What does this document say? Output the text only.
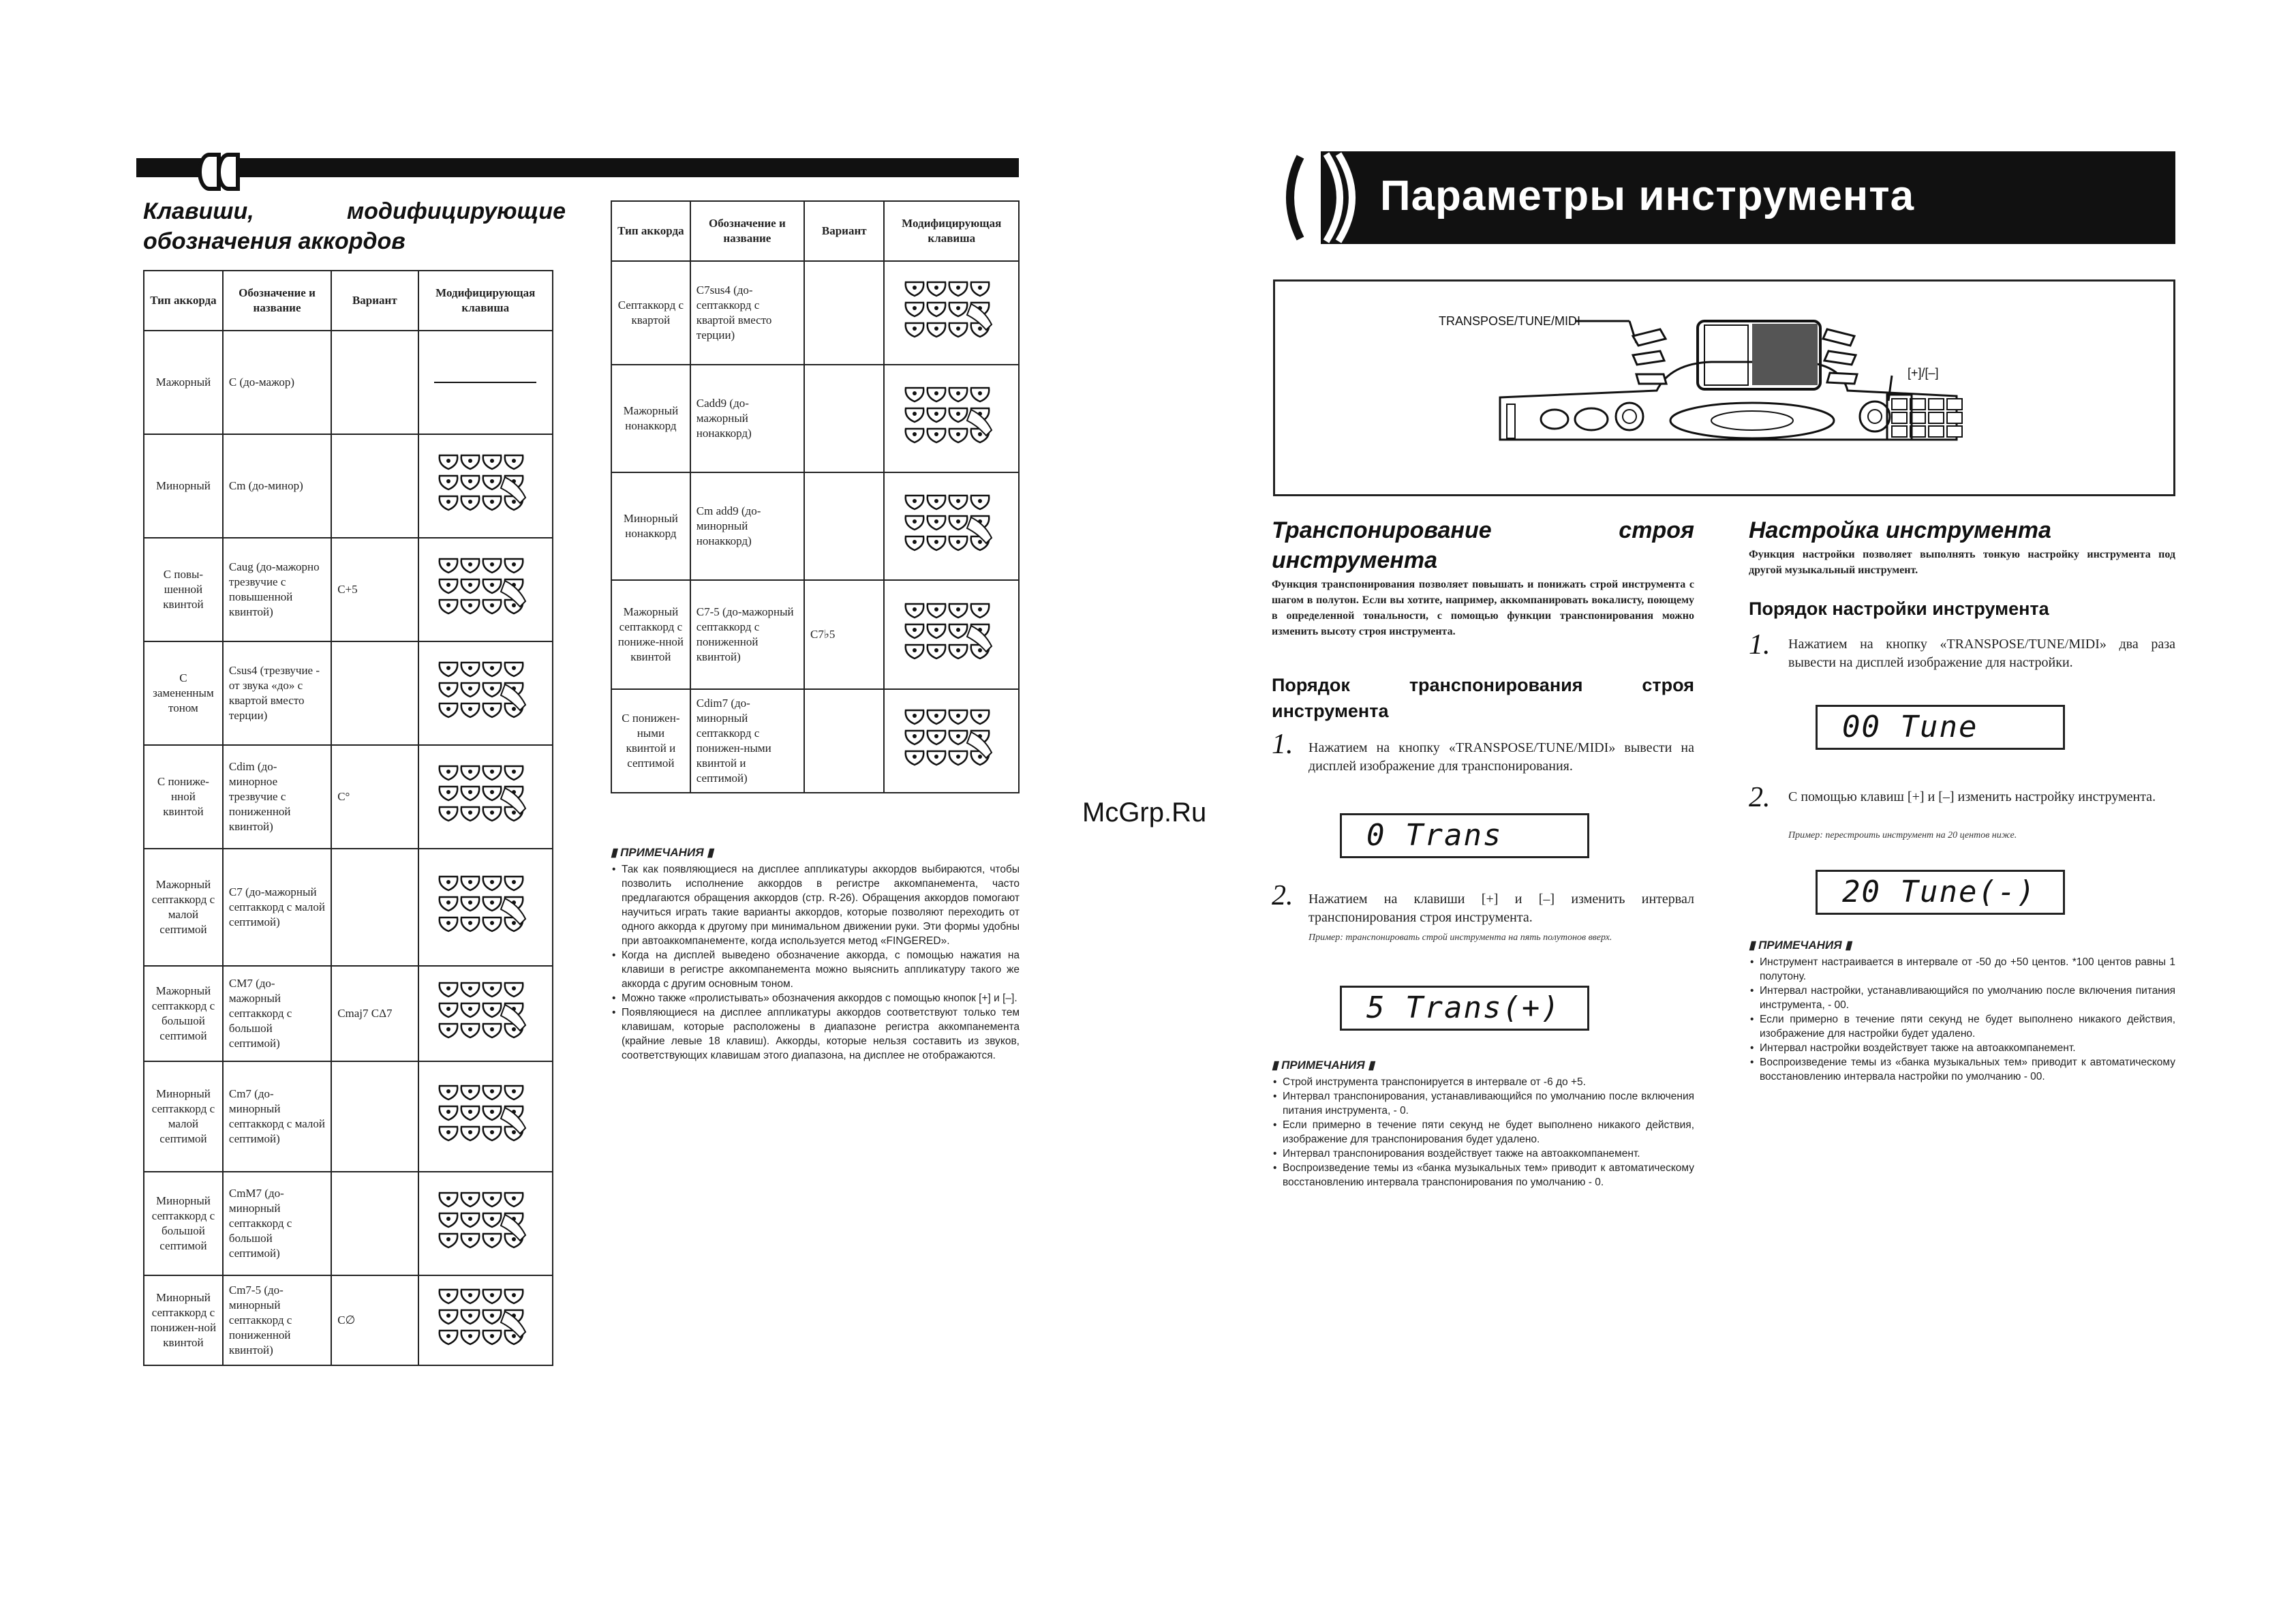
Клавиши,	модифицирующие
обозначения аккордов
Тип аккорда	Обозначение и название	Вариант	Модифицирующая клавиша
Мажорный	C (до-мажор)		

Минорный	Cm (до-минор)		
С повы-шенной квинтой	Caug (до-мажорно трезвучие с повышенной квинтой)	C+5	
С замененным тоном	Csus4 (трезвучие - от звука «до» с квартой вместо терции)		
С пониже-нной квинтой	Cdim (до-минорное трезвучие с пониженной квинтой)	C°	
Мажорный септаккорд с малой септимой	C7 (до-мажорный септаккорд с малой септимой)		
Мажорный септаккорд с большой септимой	CM7 (до-мажорный септаккорд с большой септимой)	Cmaj7 CΔ7	
Минорный септаккорд с малой септимой	Cm7 (до-минорный септаккорд с малой септимой)		
Минорный септаккорд с большой септимой	CmM7 (до-минорный септаккорд с большой септимой)		
Минорный септаккорд с понижен-ной квинтой	Cm7-5 (до-минорный септаккорд с пониженной квинтой)	C∅	
Тип аккорда	Обозначение и название	Вариант	Модифицирующая клавиша
Септаккорд с квартой	C7sus4 (до-септаккорд с квартой вместо терции)		
Мажорный нонаккорд	Cadd9 (до-мажорный нонаккорд)		
Минорный нонаккорд	Cm add9 (до-минорный нонаккорд)		
Мажорный септаккорд с пониже-нной квинтой	C7-5 (до-мажорный септаккорд с пониженной квинтой)	C7♭5	
С понижен-ными квинтой и септимой	Cdim7 (до-минорный септаккорд с понижен-ными квинтой и септимой)		
▮ ПРИМЕЧАНИЯ ▮
• Так как появляющиеся на дисплее аппликатуры аккордов выбираются, чтобы позволить исполнение аккордов в регистре аккомпанемента, часто предлагаются обращения аккордов (стр. R-26). Обращения аккордов помогают научиться играть такие варианты аккордов, которые позволяют переходить от одного аккорда к другому при минимальном движении руки. Эти формы удобны при автоаккомпанементе, когда используется метод «FINGERED».
• Когда на дисплей выведено обозначение аккорда, с помощью нажатия на клавиши в регистре аккомпанемента можно выяснить аппликатуру такого же аккорда с другим основным тоном.
• Можно также «пролистывать» обозначения аккордов с помощью кнопок [+] и [–].
• Появляющиеся на дисплее аппликатуры аккордов соответствуют только тем клавишам, которые расположены в диапазоне регистра аккомпанемента (крайние левые 18 клавиш). Аккорды, которые нельзя составить из звуков, соответствующих клавишам этого диапазона, на дисплее не отображаются.
McGrp.Ru
Параметры инструмента
TRANSPOSE/TUNE/MIDI
[+]/[–]
Транспонирование	строя
инструмента
Функция транспонирования позволяет повышать и понижать строй инструмента с шагом в полутон. Если вы хотите, например, аккомпанировать вокалисту, поющему в определенной тональности, с помощью функции транспонирования можно изменить высоту строя инструмента.
Порядок	транспонирования	строя
инструмента
1. Нажатием на кнопку «TRANSPOSE/TUNE/MIDI» вывести на дисплей изображение для транспонирования.
0 Trans
2. Нажатием на клавиши [+] и [–] изменить интервал транспонирования строя инструмента.
Пример: транспонировать строй инструмента на пять полутонов вверх.
5 Trans(+)
▮ ПРИМЕЧАНИЯ ▮
• Строй инструмента транспонируется в интервале от -6 до +5.
• Интервал транспонирования, устанавливающийся по умолчанию после включения питания инструмента, - 0.
• Если примерно в течение пяти секунд не будет выполнено никакого действия, изображение для транспонирования будет удалено.
• Интервал транспонирования воздействует также на автоаккомпанемент.
• Воспроизведение темы из «банка музыкальных тем» приводит к автоматическому восстановлению интервала транспонирования по умолчанию - 0.
Настройка инструмента
Функция настройки позволяет выполнять тонкую настройку инструмента под другой музыкальный инструмент.
Порядок настройки инструмента
1. Нажатием на кнопку «TRANSPOSE/TUNE/MIDI» два раза вывести на дисплей изображение для настройки.
00 Tune
2. С помощью клавиш [+] и [–] изменить настройку инструмента.
Пример: перестроить инструмент на 20 центов ниже.
20 Tune(-)
▮ ПРИМЕЧАНИЯ ▮
• Инструмент настраивается в интервале от -50 до +50 центов. *100 центов равны 1 полутону.
• Интервал настройки, устанавливающийся по умолчанию после включения питания инструмента, - 00.
• Если примерно в течение пяти секунд не будет выполнено никакого действия, изображение для настройки будет удалено.
• Интервал настройки воздействует также на автоаккомпанемент.
• Воспроизведение темы из «банка музыкальных тем» приводит к автоматическому восстановлению интервала настройки по умолчанию - 00.
